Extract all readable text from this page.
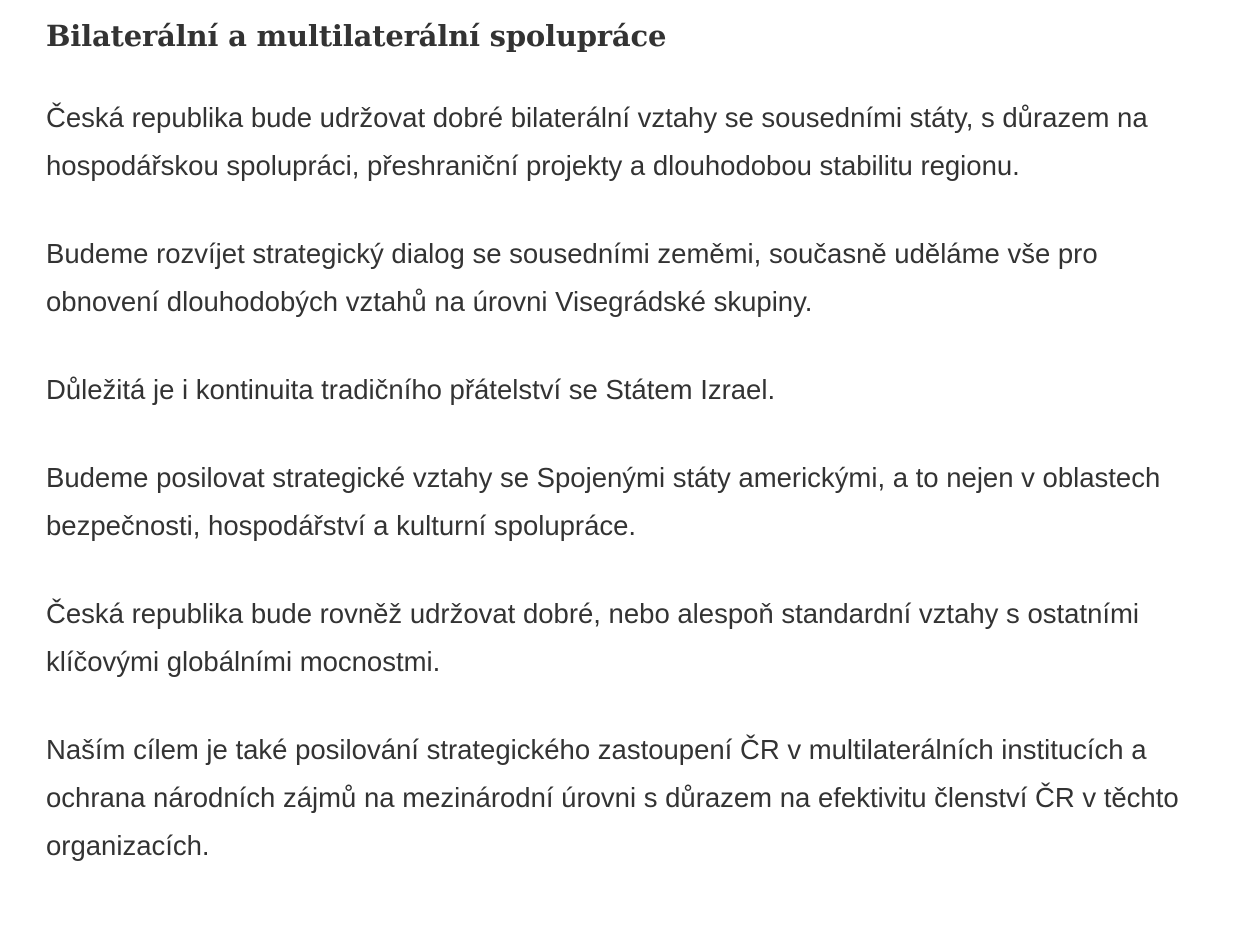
Bilaterální a multilaterální spolupráce

Česká republika bude udržovat dobré bilaterální vztahy se sousedními státy, s důrazem na hospodářskou spolupráci, přeshraniční projekty a dlouhodobou stabilitu regionu.

Budeme rozvíjet strategický dialog se sousedními zeměmi, současně uděláme vše pro obnovení dlouhodobých vztahů na úrovni Visegrádské skupiny.

Důležitá je i kontinuita tradičního přátelství se Státem Izrael.

Budeme posilovat strategické vztahy se Spojenými státy americkými, a to nejen v oblastech bezpečnosti, hospodářství a kulturní spolupráce.

Česká republika bude rovněž udržovat dobré, nebo alespoň standardní vztahy s ostatními klíčovými globálními mocnostmi.

Naším cílem je také posilování strategického zastoupení ČR v multilaterálních institucích a ochrana národních zájmů na mezinárodní úrovni s důrazem na efektivitu členství ČR v těchto organizacích.
